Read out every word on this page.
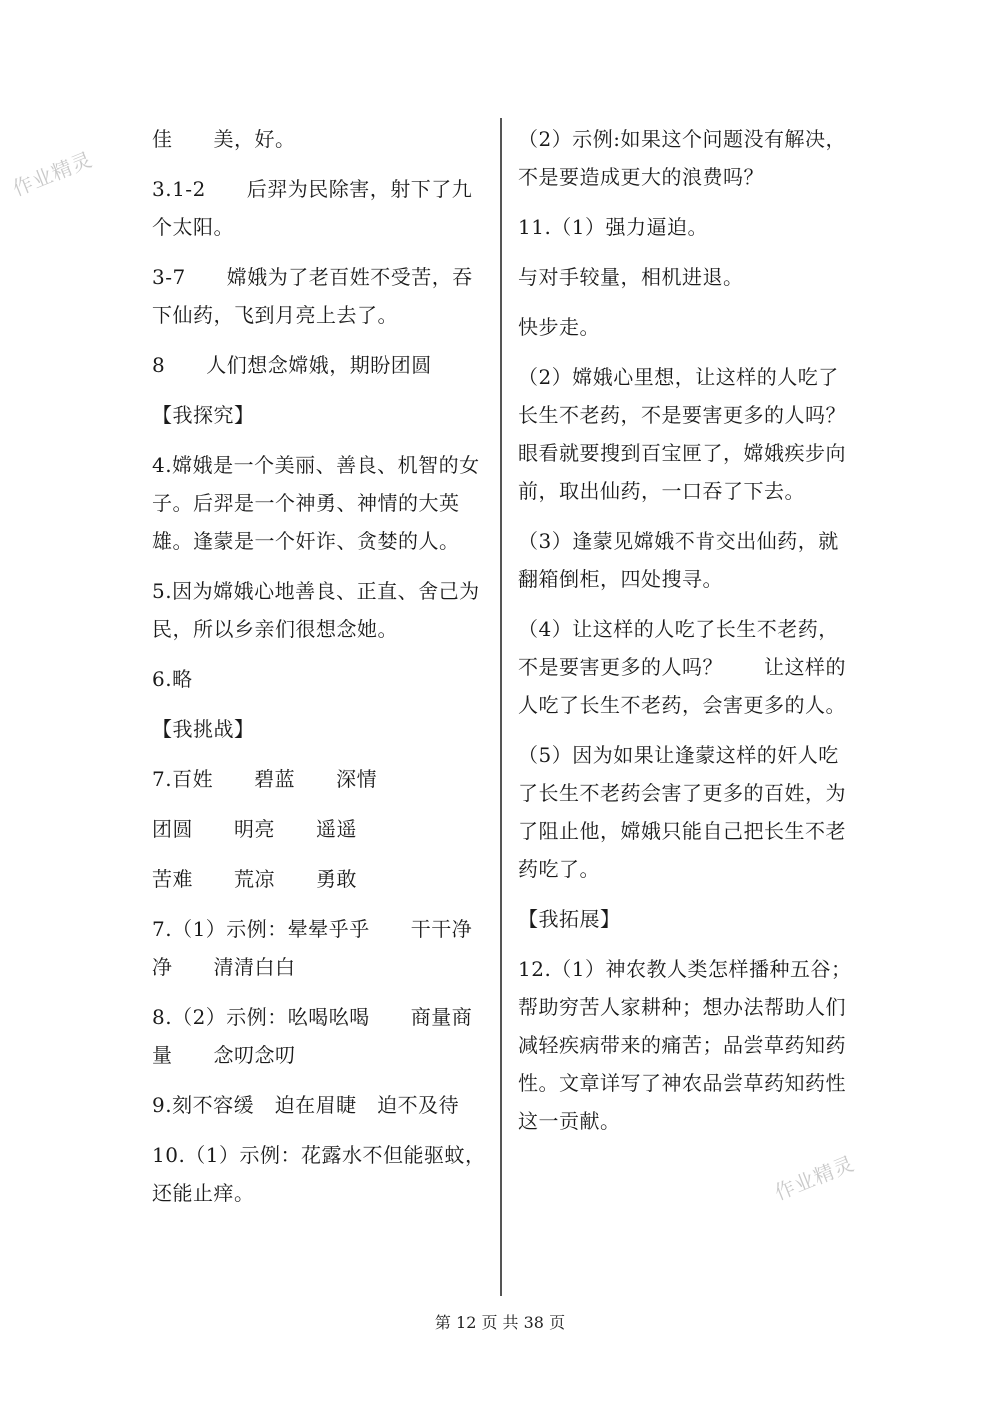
作业精灵
作业精灵

佳　　美，好。

3.1-2　　后羿为民除害，射下了九个太阳。

3-7　　嫦娥为了老百姓不受苦，吞下仙药，飞到月亮上去了。

8　　人们想念嫦娥，期盼团圆

【我探究】

4.嫦娥是一个美丽、善良、机智的女子。后羿是一个神勇、神情的大英雄。逢蒙是一个奸诈、贪婪的人。

5.因为嫦娥心地善良、正直、舍己为民，所以乡亲们很想念她。

6.略

【我挑战】

7.百姓　　碧蓝　　深情

团圆　　明亮　　遥遥

苦难　　荒凉　　勇敢

7.（1）示例：晕晕乎乎　　干干净净　　清清白白

8.（2）示例：吆喝吆喝　　商量商量　　念叨念叨

9.刻不容缓　迫在眉睫　迫不及待

10.（1）示例：花露水不但能驱蚊，还能止痒。

（2）示例:如果这个问题没有解决，不是要造成更大的浪费吗？

11.（1）强力逼迫。

与对手较量，相机进退。

快步走。

（2）嫦娥心里想，让这样的人吃了长生不老药，不是要害更多的人吗？　　眼看就要搜到百宝匣了，嫦娥疾步向前，取出仙药，一口吞了下去。

（3）逢蒙见嫦娥不肯交出仙药，就翻箱倒柜，四处搜寻。

（4）让这样的人吃了长生不老药，不是要害更多的人吗？　　让这样的人吃了长生不老药，会害更多的人。

（5）因为如果让逢蒙这样的奸人吃了长生不老药会害了更多的百姓，为了阻止他，嫦娥只能自己把长生不老药吃了。

【我拓展】

12.（1）神农教人类怎样播种五谷；帮助穷苦人家耕种；想办法帮助人们减轻疾病带来的痛苦；品尝草药知药性。文章详写了神农品尝草药知药性这一贡献。

第 12 页 共 38 页
